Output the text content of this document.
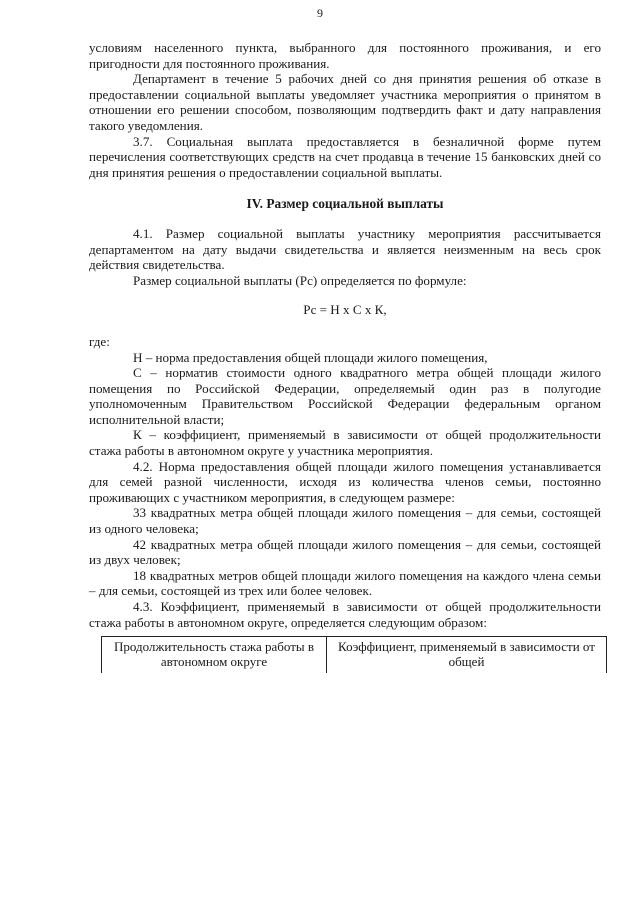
9

условиям населенного пункта, выбранного для постоянного проживания, и его пригодности для постоянного проживания.

Департамент в течение 5 рабочих дней со дня принятия решения об отказе в предоставлении социальной выплаты уведомляет участника мероприятия о принятом в отношении его решении способом, позволяющим подтвердить факт и дату направления такого уведомления.

3.7. Социальная выплата предоставляется в безналичной форме путем перечисления соответствующих средств на счет продавца в течение 15 банковских дней со дня принятия решения о предоставлении социальной выплаты.

IV. Размер социальной выплаты

4.1. Размер социальной выплаты участнику мероприятия рассчитывается департаментом на дату выдачи свидетельства и является неизменным на весь срок действия свидетельства.

Размер социальной выплаты (Рс) определяется по формуле:

Рс = Н х С х К,

где:

Н – норма предоставления общей площади жилого помещения,

С – норматив стоимости одного квадратного метра общей площади жилого помещения по Российской Федерации, определяемый один раз в полугодие уполномоченным Правительством Российской Федерации федеральным органом исполнительной власти;

К – коэффициент, применяемый в зависимости от общей продолжительности стажа работы в автономном округе у участника мероприятия.

4.2. Норма предоставления общей площади жилого помещения устанавливается для семей разной численности, исходя из количества членов семьи, постоянно проживающих с участником мероприятия, в следующем размере:

33 квадратных метра общей площади жилого помещения – для семьи, состоящей из одного человека;

42 квадратных метра общей площади жилого помещения – для семьи, состоящей из двух человек;

18 квадратных метров общей площади жилого помещения на каждого члена семьи – для семьи, состоящей из трех или более человек.

4.3. Коэффициент, применяемый в зависимости от общей продолжительности стажа работы в автономном округе, определяется следующим образом:

Продолжительность стажа работы в автономном округе	Коэффициент, применяемый в зависимости от общей
